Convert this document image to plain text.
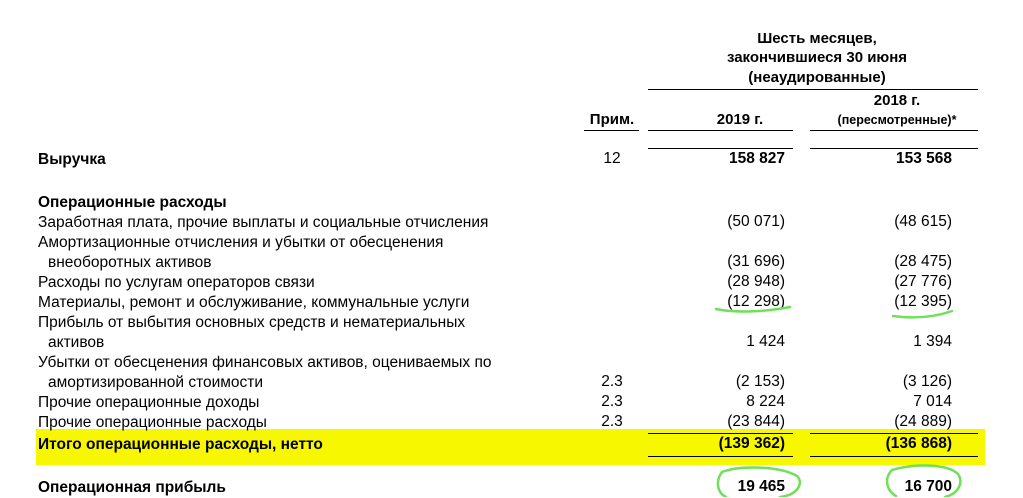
Шесть месяцев,
закончившиеся 30 июня
(неаудированные)
2018 г.
(пересмотренные)*
Прим.	2019 г.
Выручка	12	158 827	153 568
Операционные расходы
Заработная плата, прочие выплаты и социальные отчисления	(50 071)	(48 615)
Амортизационные отчисления и убытки от обесценения
внеоборотных активов	(31 696)	(28 475)
Расходы по услугам операторов связи	(28 948)	(27 776)
Материалы, ремонт и обслуживание, коммунальные услуги	(12 298)	(12 395)
Прибыль от выбытия основных средств и нематериальных
активов	1 424	1 394
Убытки от обесценения финансовых активов, оцениваемых по
амортизированной стоимости	2.3	(2 153)	(3 126)
Прочие операционные доходы	2.3	8 224	7 014
Прочие операционные расходы	2.3	(23 844)	(24 889)
Итого операционные расходы, нетто	(139 362)	(136 868)
Операционная прибыль	19 465	16 700
